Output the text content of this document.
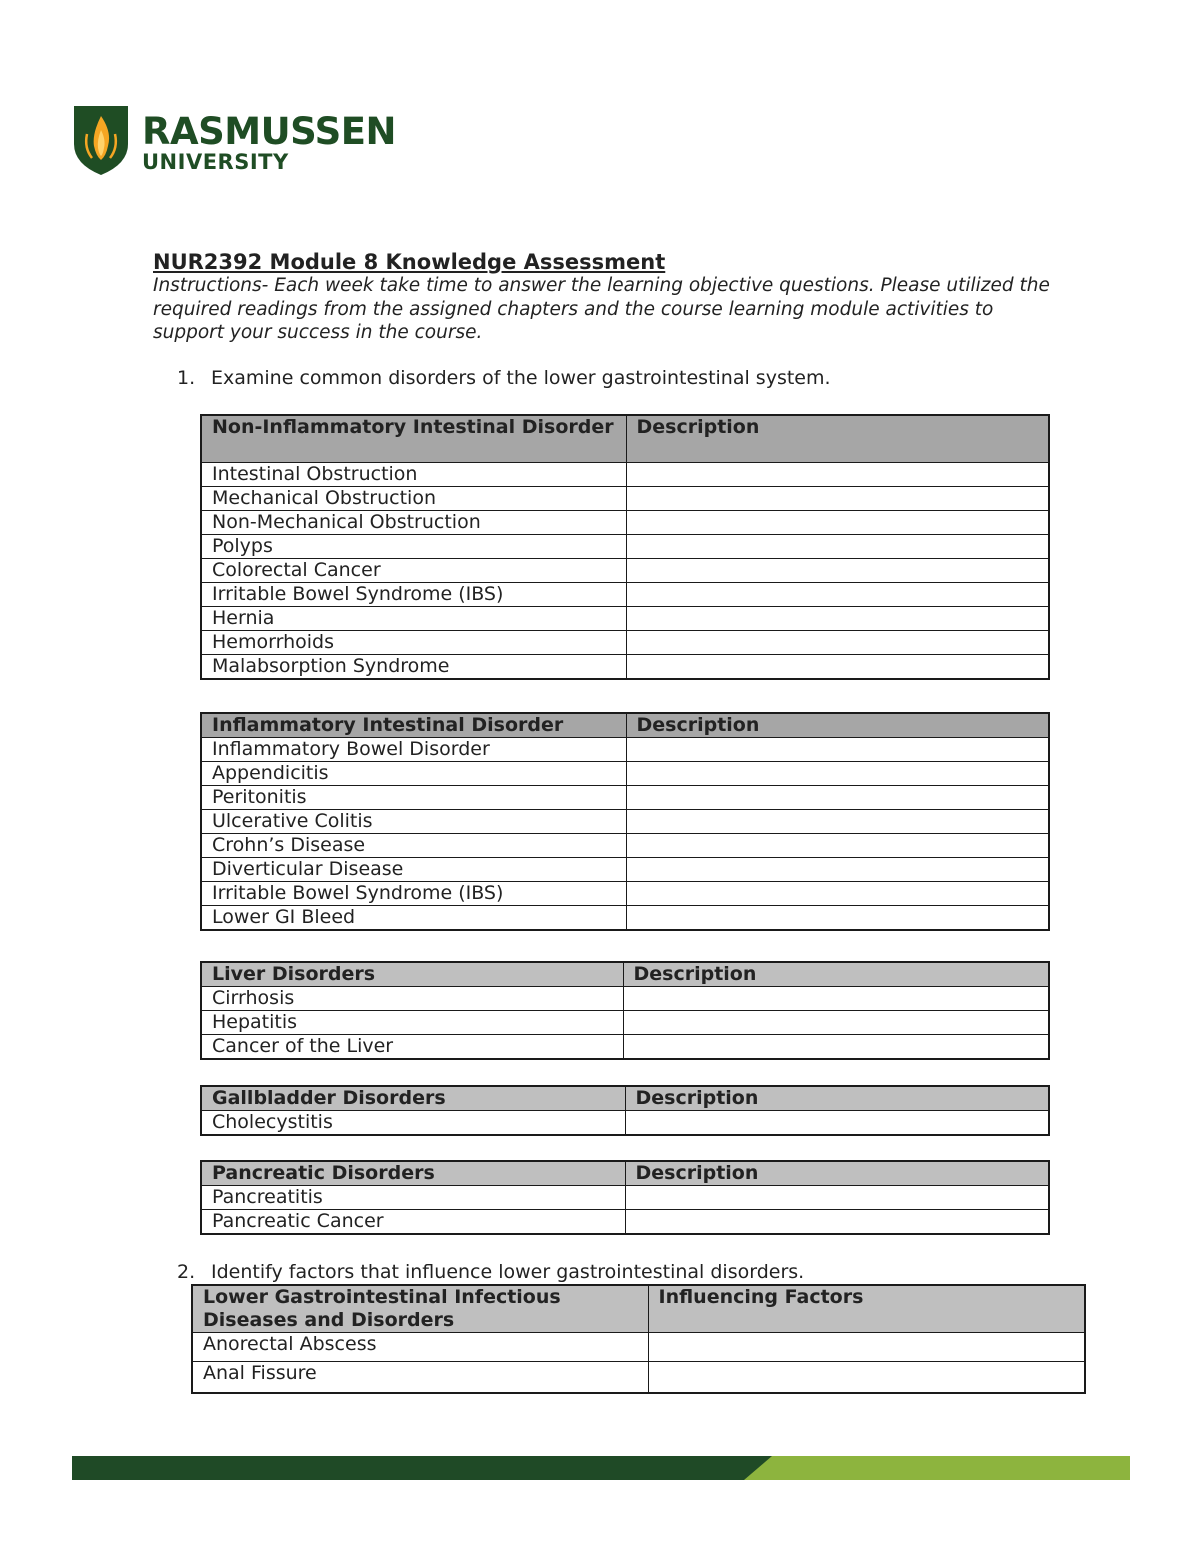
RASMUSSEN
UNIVERSITY
NUR2392 Module 8 Knowledge Assessment
Instructions- Each week take time to answer the learning objective questions. Please utilized the required readings from the assigned chapters and the course learning module activities to support your success in the course.
1. Examine common disorders of the lower gastrointestinal system.
Non-Inflammatory Intestinal Disorder	Description
Intestinal Obstruction	
Mechanical Obstruction	
Non-Mechanical Obstruction	
Polyps	
Colorectal Cancer	
Irritable Bowel Syndrome (IBS)	
Hernia	
Hemorrhoids	
Malabsorption Syndrome	
Inflammatory Intestinal Disorder	Description
Inflammatory Bowel Disorder	
Appendicitis	
Peritonitis	
Ulcerative Colitis	
Crohn’s Disease	
Diverticular Disease	
Irritable Bowel Syndrome (IBS)	
Lower GI Bleed	
Liver Disorders	Description
Cirrhosis	
Hepatitis	
Cancer of the Liver	
Gallbladder Disorders	Description
Cholecystitis	
Pancreatic Disorders	Description
Pancreatitis	
Pancreatic Cancer	
2. Identify factors that influence lower gastrointestinal disorders.
Lower Gastrointestinal Infectious Diseases and Disorders	Influencing Factors
Anorectal Abscess	
Anal Fissure	
